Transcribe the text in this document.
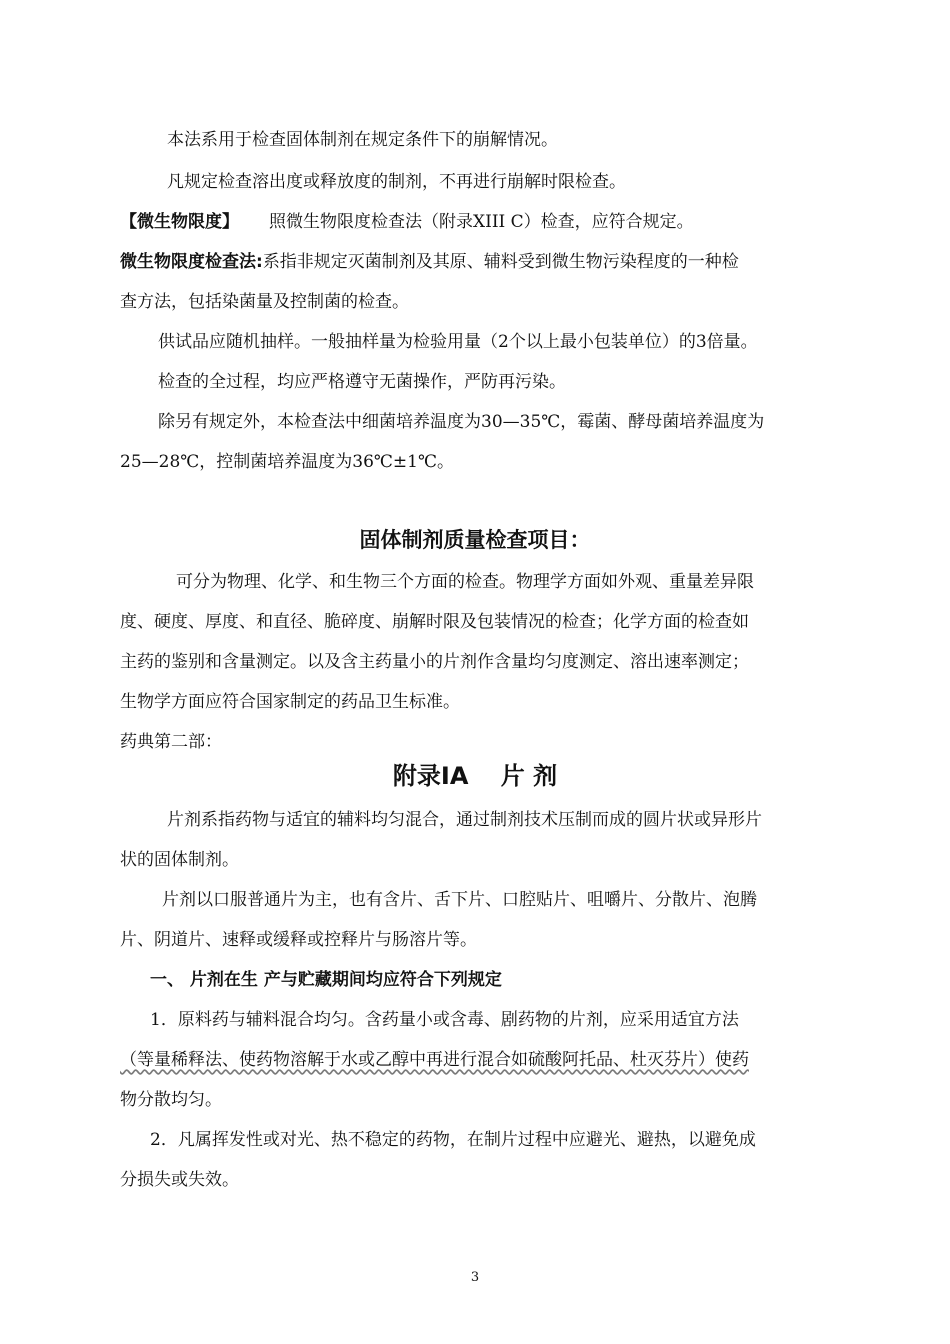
本法系用于检查固体制剂在规定条件下的崩解情况。
凡规定检查溶出度或释放度的制剂，不再进行崩解时限检查。
【微生物限度】 照微生物限度检查法（附录XIII C）检查，应符合规定。
微生物限度检查法:系指非规定灭菌制剂及其原、辅料受到微生物污染程度的一种检
查方法，包括染菌量及控制菌的检查。
供试品应随机抽样。一般抽样量为检验用量（2个以上最小包装单位）的3倍量。
检查的全过程，均应严格遵守无菌操作，严防再污染。
除另有规定外，本检查法中细菌培养温度为30—35℃，霉菌、酵母菌培养温度为
25—28℃，控制菌培养温度为36℃±1℃。
固体制剂质量检查项目：
可分为物理、化学、和生物三个方面的检查。物理学方面如外观、重量差异限
度、硬度、厚度、和直径、脆碎度、崩解时限及包装情况的检查；化学方面的检查如
主药的鉴别和含量测定。以及含主药量小的片剂作含量均匀度测定、溶出速率测定；
生物学方面应符合国家制定的药品卫生标准。
药典第二部：
附录ⅠA　 片 剂
片剂系指药物与适宜的辅料均匀混合，通过制剂技术压制而成的圆片状或异形片
状的固体制剂。
片剂以口服普通片为主，也有含片、舌下片、口腔贴片、咀嚼片、分散片、泡腾
片、阴道片、速释或缓释或控释片与肠溶片等。
一、 片剂在生 产与贮藏期间均应符合下列规定
1．原料药与辅料混合均匀。含药量小或含毒、剧药物的片剂，应采用适宜方法
（等量稀释法、使药物溶解于水或乙醇中再进行混合如硫酸阿托品、杜灭芬片）使药
物分散均匀。
2．凡属挥发性或对光、热不稳定的药物，在制片过程中应避光、避热，以避免成
分损失或失效。
3
